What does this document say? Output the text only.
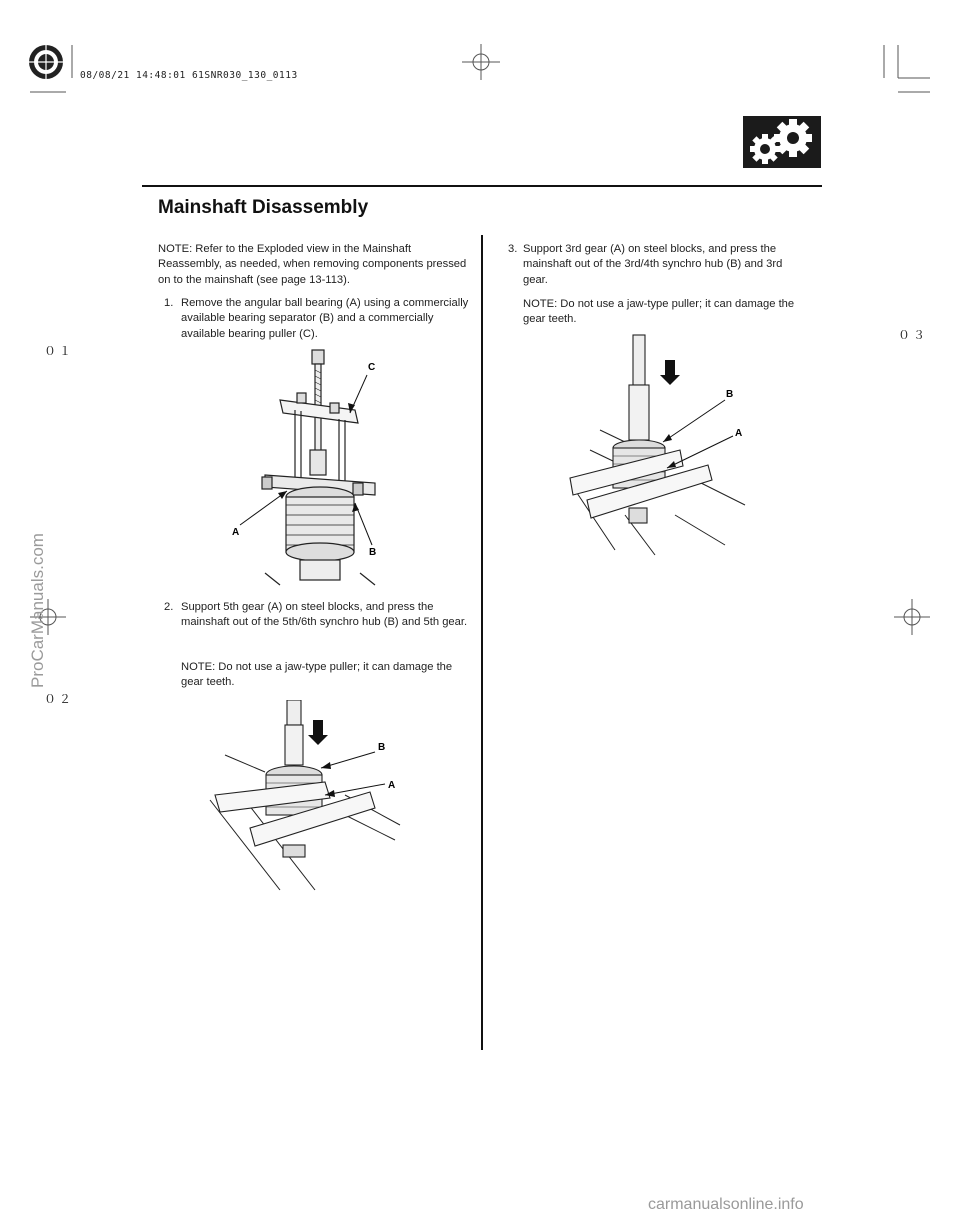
08/08/21 14:48:01 61SNR030_130_0113
０１
０２
０３
ProCarManuals.com
Mainshaft Disassembly
NOTE: Refer to the Exploded view in the Mainshaft Reassembly, as needed, when removing components pressed on to the mainshaft (see page 13-113).
1. Remove the angular ball bearing (A) using a commercially available bearing separator (B) and a commercially available bearing puller (C).
C
A
B
2. Support 5th gear (A) on steel blocks, and press the mainshaft out of the 5th/6th synchro hub (B) and 5th gear.
NOTE: Do not use a jaw-type puller; it can damage the gear teeth.
B
A
3. Support 3rd gear (A) on steel blocks, and press the mainshaft out of the 3rd/4th synchro hub (B) and 3rd gear.
NOTE: Do not use a jaw-type puller; it can damage the gear teeth.
B
A
carmanualsonline.info
